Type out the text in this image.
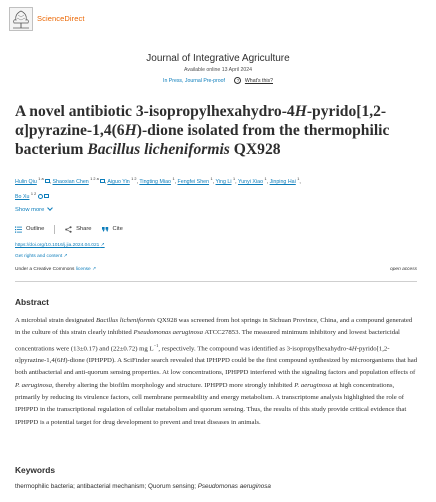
ScienceDirect
Journal of Integrative Agriculture
Available online 13 April 2024
In Press, Journal Pre-proof	? What's this?
A novel antibiotic 3-isopropylhexahydro-4H-pyrido[1,2-α]pyrazine-1,4(6H)-dione isolated from the thermophilic bacterium Bacillus licheniformis QX928
Hulin Qiu $^{1 a}$ , Shaoxian Chen $^{1 2 a}$ , Aiguo Yin $^{1 2}$, Tingting Miao $^1$, Fengfei Shen $^1$, Ying Li $^1$, Yunyi Xiao $^1$, Jinping Hai $^1$,
Bo Xu $^{1 2}$
Show more
Outline	Share	Cite
https://doi.org/10.1016/j.jia.2024.04.021 ↗
Get rights and content ↗
Under a Creative Commons license ↗	open access
Abstract

A microbial strain designated Bacillus licheniformis QX928 was screened from hot springs in Sichuan Province, China, and a compound generated in the culture of this strain clearly inhibited Pseudomonas aeruginosa ATCC27853. The measured minimum inhibitory and lowest bactericidal concentrations were (13±0.17) and (22±0.72) mg $L^{-1}$, respectively. The compound was identified as 3-isopropylhexahydro-4H-pyrido[1,2-α]pyrazine-1,4(6H)-dione (IPHPPD). A SciFinder search revealed that IPHPPD could be the first compound synthesized by microorganisms that had both antibacterial and anti-quorum sensing properties. At low concentrations, IPHPPD interfered with the signaling factors and population effects of P. aeruginosa, thereby altering the biofilm morphology and structure. IPHPPD more strongly inhibited P. aeruginosa at high concentrations, primarily by reducing its virulence factors, cell membrane permeability and energy metabolism. A transcriptome analysis highlighted the role of IPHPPD in the transcriptional regulation of cellular metabolism and quorum sensing. Thus, the results of this study provide critical evidence that IPHPPD is a potential target for drug development to prevent and treat diseases in animals.

Keywords
thermophilic bacteria; antibacterial mechanism; Quorum sensing; Pseudomonas aeruginosa
